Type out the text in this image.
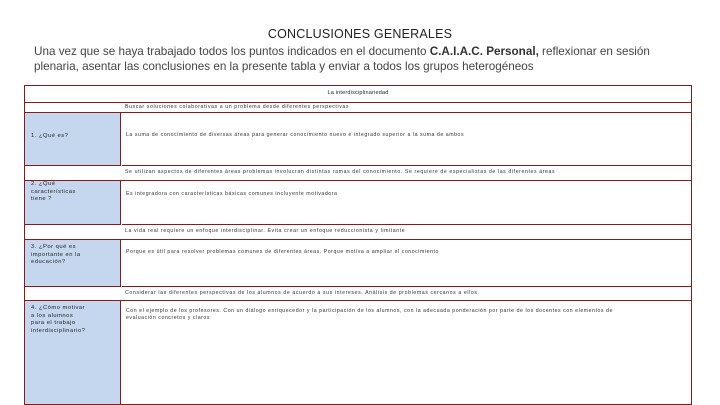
CONCLUSIONES GENERALES
Una vez que se haya trabajado todos los puntos indicados en el documento C.A.I.A.C. Personal, reflexionar en sesión plenaria, asentar las conclusiones en la presente tabla y enviar a todos los grupos heterogéneos
La interdisciplinariedad
Buscar soluciones colaborativas a un problema desde diferentes perspectivas
1. ¿Qué es?	La suma de conocimiento de diversas áreas para generar conocimiento nuevo e integrado superior a la suma de ambos
Se utilizan aspectos de diferentes áreas problemas involucran distintas ramas del conocimiento. Se requiere de especialistas de las diferentes áreas
2. ¿Qué
características
tiene ?
Es integradora con características básicas comunes incluyente motivadora
La vida real requiere un enfoque interdisciplinar. Evita crear un enfoque reduccionista y limitante
3. ¿Por qué es
importante en la
educación?
Porque es útil para resolver problemas comunes de diferentes áreas. Porque motiva a ampliar el conocimiento
Considerar las diferentes perspectivas de los alumnos de acuerdo a sus intereses. Análisis de problemas cercanos a ellos
4. ¿Cómo motivar
a los alumnos
para el trabajo
interdisciplinario?
Con el ejemplo de los profesores. Con un diálogo enriquecedor y la participación de los alumnos, con la adecuada ponderación por parte de los docentes con elementos de
evaluación concretos y claros
